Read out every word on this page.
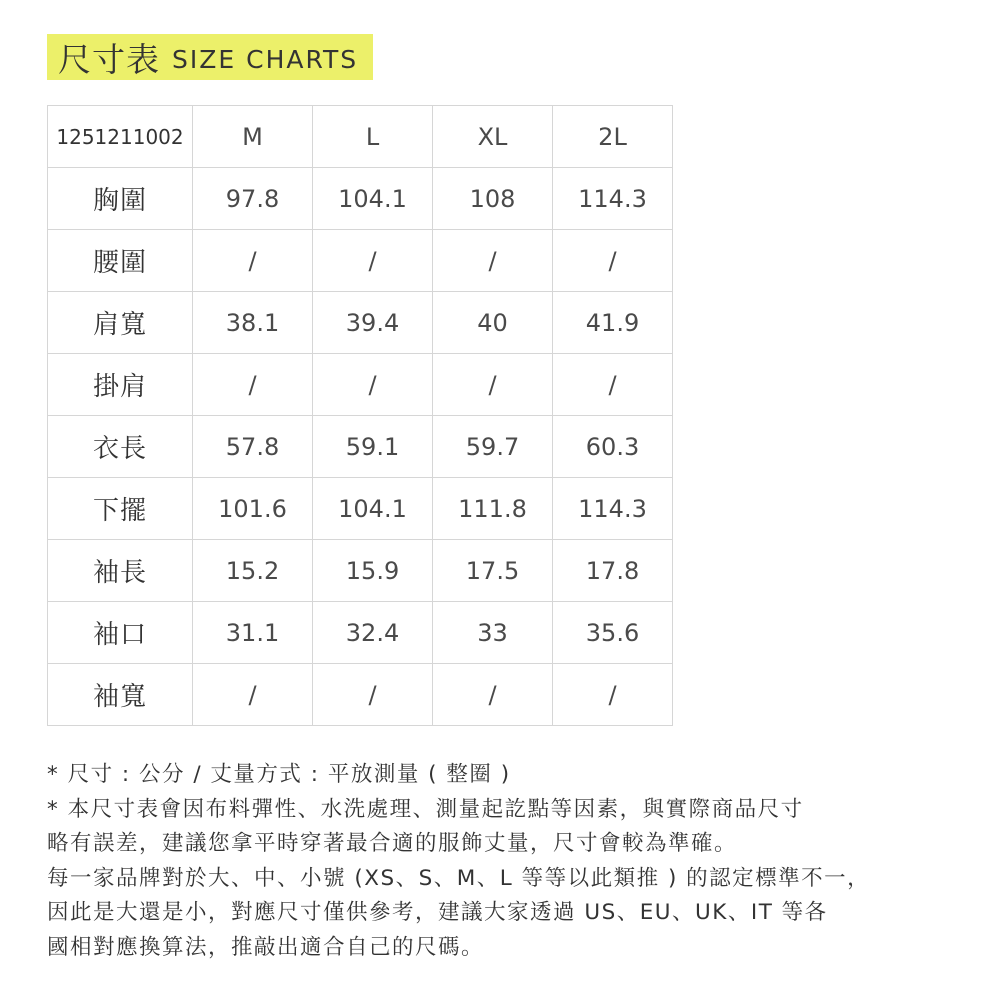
尺寸表 SIZE CHARTS
1251211002	M	L	XL	2L
胸圍	97.8	104.1	108	114.3
腰圍	/	/	/	/
肩寬	38.1	39.4	40	41.9
掛肩	/	/	/	/
衣長	57.8	59.1	59.7	60.3
下擺	101.6	104.1	111.8	114.3
袖長	15.2	15.9	17.5	17.8
袖口	31.1	32.4	33	35.6
袖寬	/	/	/	/

* 尺寸 : 公分 / 丈量方式 : 平放測量 ( 整圈 )

* 本尺寸表會因布料彈性、水洗處理、測量起訖點等因素，與實際商品尺寸

略有誤差，建議您拿平時穿著最合適的服飾丈量，尺寸會較為準確。

每一家品牌對於大、中、小號 (XS、S、M、L 等等以此類推 ) 的認定標準不一，

因此是大還是小，對應尺寸僅供參考，建議大家透過 US、EU、UK、IT 等各

國相對應換算法，推敲出適合自己的尺碼。
